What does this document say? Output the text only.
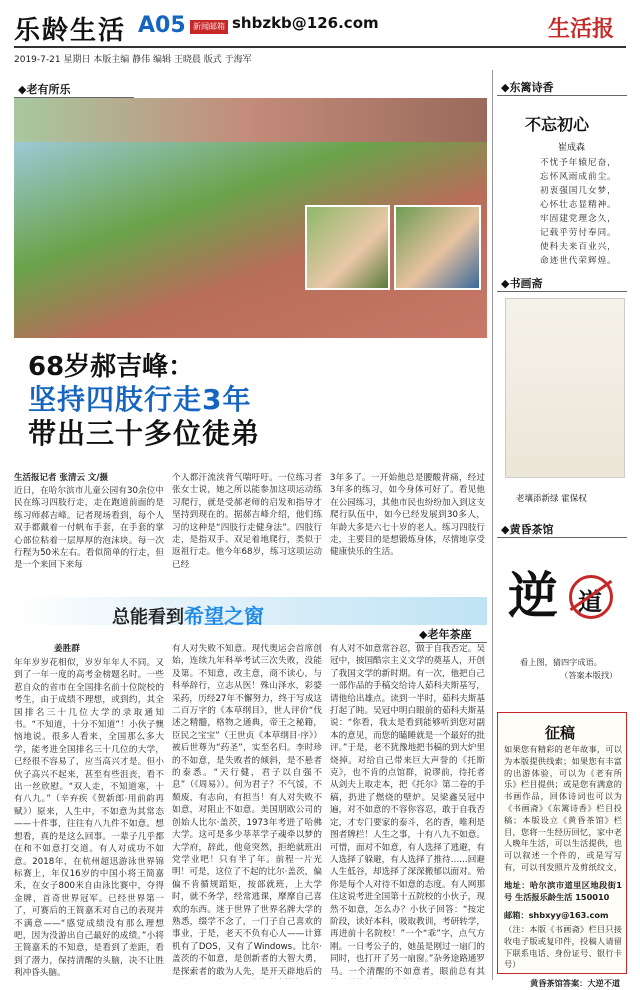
乐龄生活 A05 新闻邮箱 shbzkb@126.com	生活报
2019-7-21 星期日 本版主编 静伟 编辑 王晓晨 版式 于海军
◆老有所乐
68岁郝吉峰：
坚持四肢行走3年
带出三十多位徒弟
生活报记者 张清云 文/摄
近日，在哈尔滨市儿童公园有30余位中民在练习四肢行走，走在跑道前面的是练习师郝吉峰。记者现场看到，每个人双手都戴着一付帆布手套，在手套的掌心部位粘着一层厚厚的泡沫块。每一次行程为50米左右。看似简单的行走，但是一个来回下来每
个人都汗流浃背气喘吁吁。一位练习者张女士说，她之所以能参加这项运动练习爬行，就是受郝老师的启发和指导才坚持到现在的。据郝吉峰介绍，他们练习的这种是“四肢行走健身法”。四肢行走，是指双手、双足着地爬行，类似于返祖行走。他今年68岁，练习这项运动已经
3年多了。一开始他总是腰酸背痛，经过3年多的练习，如今身体可好了。看见他在公园练习，其他市民也纷纷加入到这支爬行队伍中，如今已经发展到30多人，年龄大多是六七十岁的老人。练习四肢行走，主要目的是想锻炼身体，尽情地享受健康快乐的生活。
总能看到希望之窗
◆老年茶座
姜胜群
年年岁岁花相似，岁岁年年人不同。又到了一年一度的高考金榜题名时。一些惹自众的省市在全国排名前十位院校的考生，由于成绩不理想，或到约，其全国排名三十几位大学的录取通知书。“不知道，十分不知道”！小伙子懊恼地说。很多人看来，全国那么多大学，能考进全国排名三十几位的大学，已经很不容易了，应当高兴才是。但小伙子高兴不起来，甚至有些沮丧，看不出一丝欣慰。“双人走，不知道寒，十有八九。”（辛弃疾《贺新郎·用前韵再赋》）原来，人生中，不如意为其常态——十件事，往往有八九件不如意。想想看，真的是这么回事。一辈子几乎都在和不如意打交道。有人对成功不如意。2018年，在杭州超迅游泳世界锦标赛上，年仅16岁的中国小将王简嘉禾，在女子800米自由泳比赛中，夺得金牌，首奇世界冠军。已经世界第一了，可赛后的王简嘉禾对自己的表现并不满意——“感觉成绩没有那么理想吧，因为没游出自己最好的成绩。”小将王简嘉禾的不知意，是看到了差距，看到了潜力，保持清醒的头脑，决不让胜利冲昏头脑。
有人对失败不知意。现代奥运会首席创始，连续九年科举考试三次失败，没能及第。不知意，改主意，商不读心，与科举辞行，立志从医！殊山泽水，彩婆采药，历经27年不懈努力，终于写成这二百万字的《本草纲目》，世人评价“伐述之精髓，格物之通典，帝王之秘籍，臣民之宝宝”（王世贞《本草纲目·序》）被后世尊为“药圣”，实至名归。李时珍的不如意，是失败者的倾斜，是不悬者的泰悉。“天行健，君子以自强不息”（《周易》）。何为君子？不气馁，不颓废，有志向，有担当！有人对失败不如意，对阻止不如意。美国朋欧公司的创始人比尔·盖茨，1973年考进了哈佛大学。这可是多少莘莘学子魂牵以梦的大学府，辞此，他竟突然，拒绝就班出党学业吧！只有半了年。前程一片光明！可是，这位了不起的比尔·盖茨，偏偏不肯循规蹈矩，按部就班，上大学时，就不务学，经常逃课，摩摩自己喜欢的东西。迷于世界了世界名牌大学的熟悉，缀学不念了，一门子自己喜欢的事业，于是，老天不负有心人——计算机有了DOS，又有了Windows。比尔·盖茨的不如意，是创新者的大智大勇，是探索者的敢为人先，是开天辟地后的
有人对不如意常谷忍，做于自我否定。吴冠中，披国酷宗主义文学的奠基人，开创了我国文学的新时期。有一次，他把自己一部作品的手稿交给诗人茹科夫斯基写，请他给出雄点。读到一半时，茹科夫斯基打起了盹。吴冠中明白眼前的茹科夫斯基说：“你看，我太是看到能够听到您对副本的意见，而您的瞌睡就是一个最好的批评。”于是，老不犹豫地把书稿的到大炉里烧掉。对给自己带来巨大声誉的《托斯克》，也不肯的点馆群，说谬前，待托者从剑夫上取走本，把《托尔》第二卷的手稿，扔进了燃烧的壁炉。吴梁鑫吴冠中遍，对不如意的不容你容忍，敢于自我否定，才专门要家的泰斗，名的香，唯利是图者牌栏！人生之事，十有八九不如意。可惜，面对不如意，有人选择了逃避，有人选择了躲避，有人选择了推待……回避人生低谷，却选择了深深搬郁以面对。殆你是每个人对待不如意的态度。有人网那住这说考进全国第十五院校的小伙子，现然不如意，怎么办？小伙子回答：“按定阶段，读好本科，吸取教训，考研转学，再进前十名院校！”一个“乖”字，点气方刚。一日考公子的，她虽是刚过一扇门的同时，也打开了另一扇窗。”杂务途路通罗马。一个清醒的不如意者，眼前总有其
◆东篱诗香
不忘初心
崔成森
不忧予年辕尼奋，
忘怀风雨成前尘。
初衷强国几女梦，
心怀壮志显精神。
牢固建党理念久，
记载乎劳付奉同。
使科夫来百业兴，
命迹世代荣辉煌。
◆书画斋
老壤添新绿 霍保权
◆黄昏茶馆
逆 道
看上图，猜四字成语。
（答案本版找）
征稿
如果您有精彩的老年故事，可以为本版提供线索；如果您有丰富的出游体验，可以为《老有所乐》栏目提供；或是您有满意的书画作品，回体诗词也可以为《书画斋》《东篱诗香》栏目投稿；本版设立《黄昏茶馆》栏目，您将一生经历回忆，家中老人晚年生活，可以生活提供，也可以叙述一个件的，或是写写有，可以刊发照片及剪纸纹文，
地址：哈尔滨市道里区地段街1号 生活报乐龄生活 150010
邮箱：shbxyy@163.com
（注：本版《书画斋》栏目只接收电子版或复印件，投稿人请留下联系电话、身份证号、银行卡号）
黄昏茶馆答案：大逆不道
